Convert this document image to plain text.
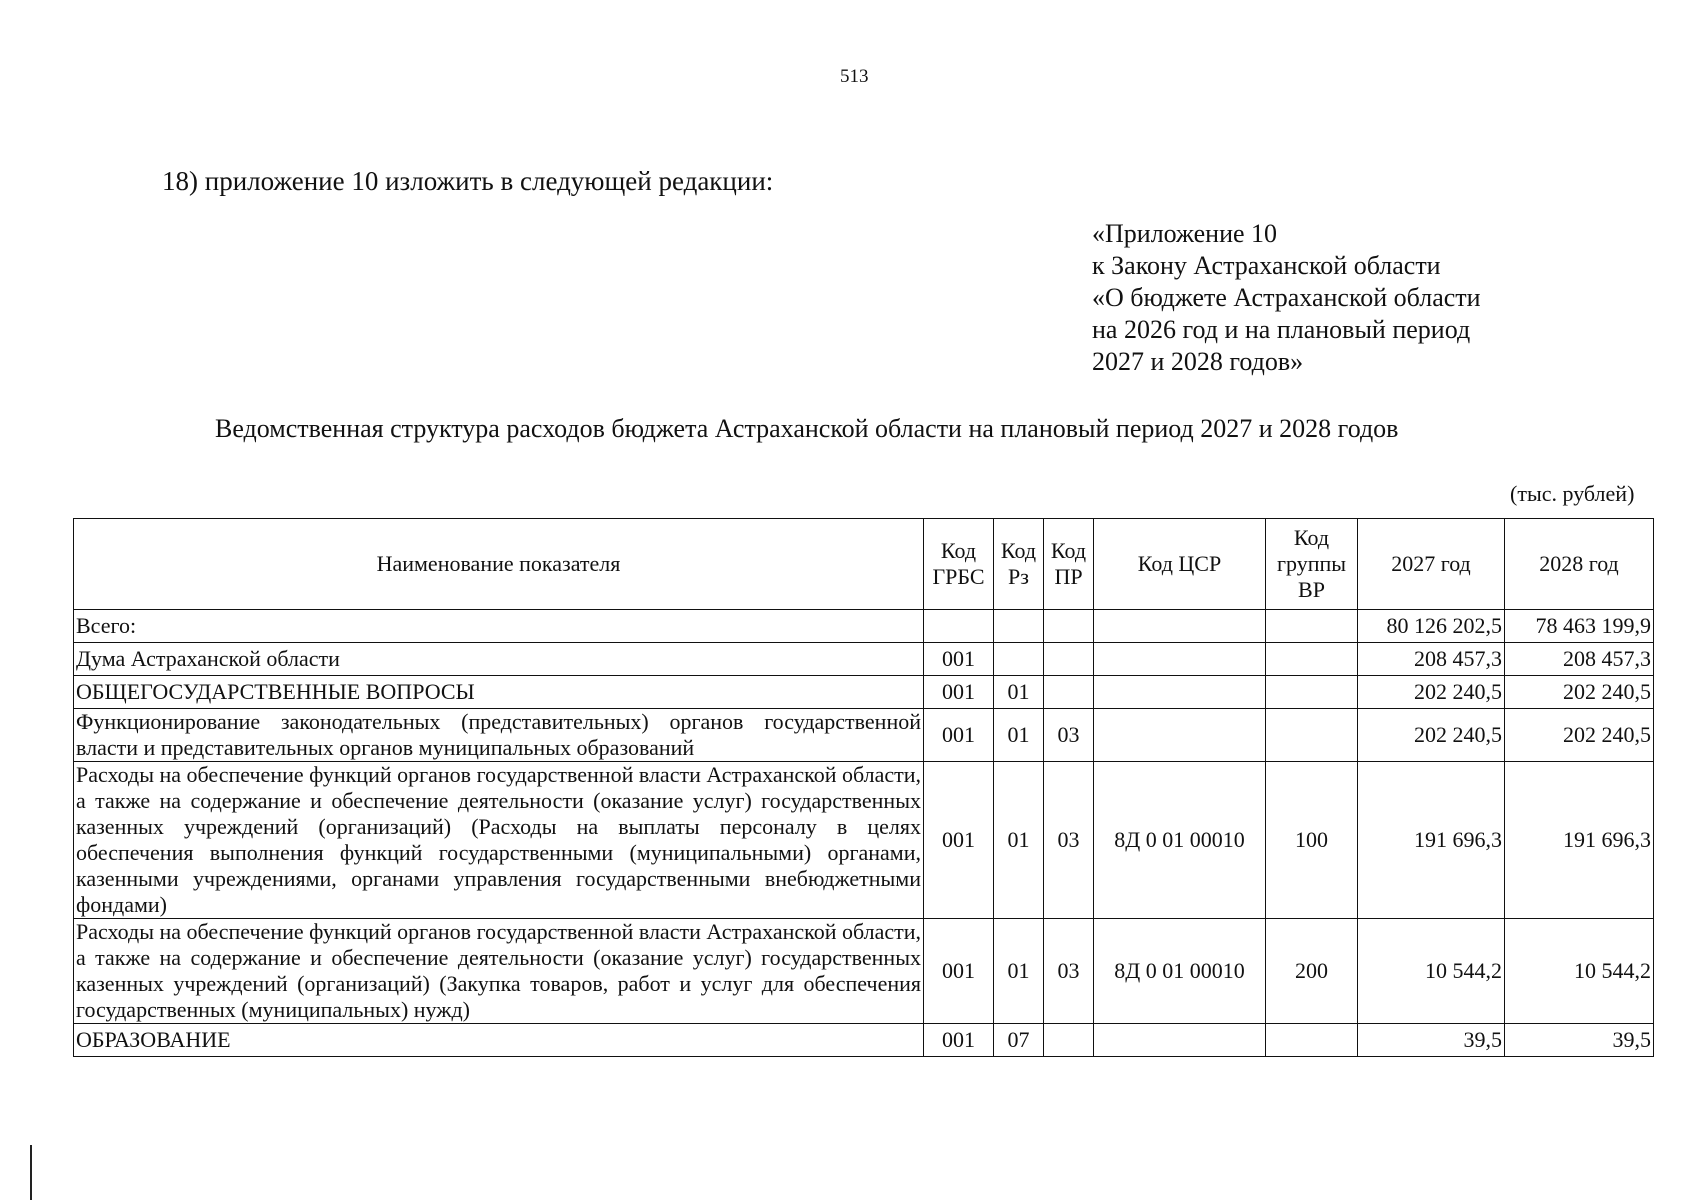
513
18) приложение 10 изложить в следующей редакции:
«Приложение 10
к Закону Астраханской области
«О бюджете Астраханской области
на 2026 год и на плановый период
2027 и 2028 годов»
Ведомственная структура расходов бюджета Астраханской области на плановый период 2027 и 2028 годов
(тыс. рублей)
Наименование показателя	Код ГРБС	Код Рз	Код ПР	Код ЦСР	Код группы ВР	2027 год	2028 год
Всего:						80 126 202,5	78 463 199,9
Дума Астраханской области	001					208 457,3	208 457,3
ОБЩЕГОСУДАРСТВЕННЫЕ ВОПРОСЫ	001	01				202 240,5	202 240,5
Функционирование законодательных (представительных) органов государственной власти и представительных органов муниципальных образований	001	01	03			202 240,5	202 240,5
Расходы на обеспечение функций органов государственной власти Астраханской области, а также на содержание и обеспечение деятельности (оказание услуг) государственных казенных учреждений (организаций) (Расходы на выплаты персоналу в целях обеспечения выполнения функций государственными (муниципальными) органами, казенными учреждениями, органами управления государственными внебюджетными фондами)	001	01	03	8Д 0 01 00010	100	191 696,3	191 696,3
Расходы на обеспечение функций органов государственной власти Астраханской области, а также на содержание и обеспечение деятельности (оказание услуг) государственных казенных учреждений (организаций) (Закупка товаров, работ и услуг для обеспечения государственных (муниципальных) нужд)	001	01	03	8Д 0 01 00010	200	10 544,2	10 544,2
ОБРАЗОВАНИЕ	001	07				39,5	39,5
